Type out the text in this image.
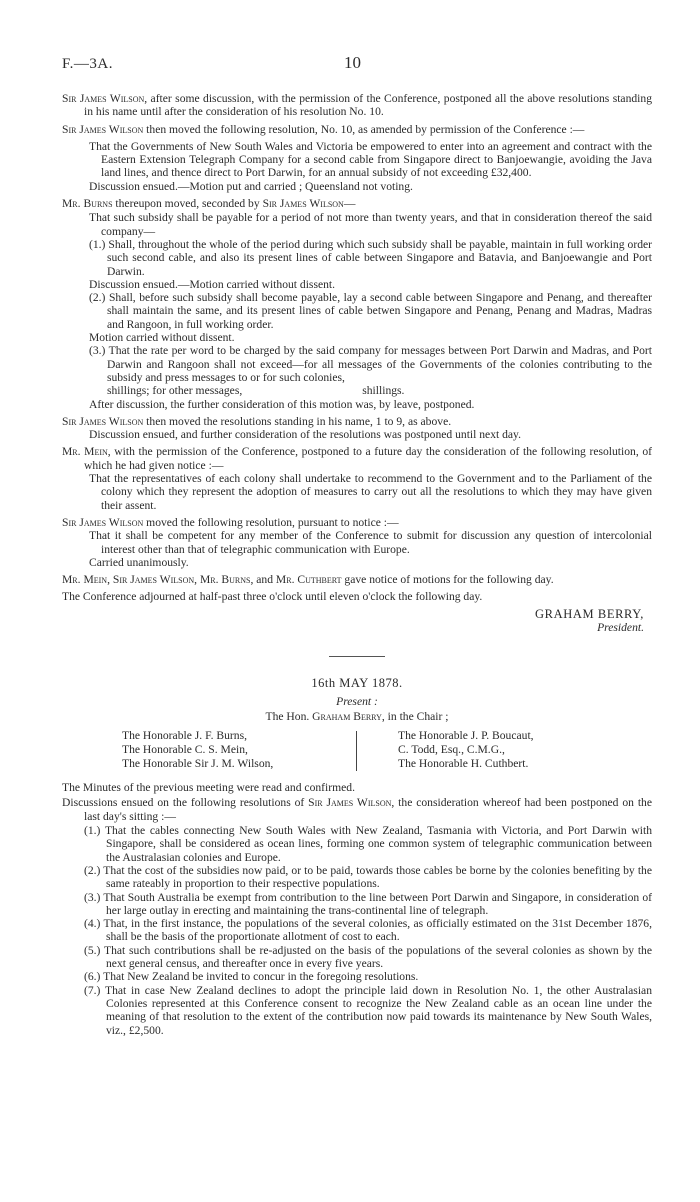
F.—3A.	10

Sir James Wilson, after some discussion, with the permission of the Conference, postponed all the above resolutions standing in his name until after the consideration of his resolution No. 10.

Sir James Wilson then moved the following resolution, No. 10, as amended by permission of the Conference :—

That the Governments of New South Wales and Victoria be empowered to enter into an agreement and contract with the Eastern Extension Telegraph Company for a second cable from Singapore direct to Banjoewangie, avoiding the Java land lines, and thence direct to Port Darwin, for an annual subsidy of not exceeding £32,400.
Discussion ensued.—Motion put and carried ; Queensland not voting.

Mr. Burns thereupon moved, seconded by Sir James Wilson—

That such subsidy shall be payable for a period of not more than twenty years, and that in consideration thereof the said company—
(1.) Shall, throughout the whole of the period during which such subsidy shall be payable, maintain in full working order such second cable, and also its present lines of cable between Singapore and Batavia, and Banjoewangie and Port Darwin.
Discussion ensued.—Motion carried without dissent.
(2.) Shall, before such subsidy shall become payable, lay a second cable between Singapore and Penang, and thereafter shall maintain the same, and its present lines of cable betwen Singapore and Penang, Penang and Madras, Madras and Rangoon, in full working order.
Motion carried without dissent.
(3.) That the rate per word to be charged by the said company for messages between Port Darwin and Madras, and Port Darwin and Rangoon shall not exceed—for all messages of the Governments of the colonies contributing to the subsidy and press messages to or for such colonies,
shillings; for other messages,	shillings.
After discussion, the further consideration of this motion was, by leave, postponed.

Sir James Wilson then moved the resolutions standing in his name, 1 to 9, as above.

Discussion ensued, and further consideration of the resolutions was postponed until next day.

Mr. Mein, with the permission of the Conference, postponed to a future day the consideration of the following resolution, of which he had given notice :—

That the representatives of each colony shall undertake to recommend to the Government and to the Parliament of the colony which they represent the adoption of measures to carry out all the resolutions to which they may have given their assent.

Sir James Wilson moved the following resolution, pursuant to notice :—

That it shall be competent for any member of the Conference to submit for discussion any question of intercolonial interest other than that of telegraphic communication with Europe.
Carried unanimously.

Mr. Mein, Sir James Wilson, Mr. Burns, and Mr. Cuthbert gave notice of motions for the following day.

The Conference adjourned at half-past three o'clock until eleven o'clock the following day.

GRAHAM BERRY,
President.
16th MAY 1878.
Present :
The Hon. Graham Berry, in the Chair ;
The Honorable J. F. Burns,
The Honorable C. S. Mein,
The Honorable Sir J. M. Wilson,
The Honorable J. P. Boucaut,
C. Todd, Esq., C.M.G.,
The Honorable H. Cuthbert.

The Minutes of the previous meeting were read and confirmed.

Discussions ensued on the following resolutions of Sir James Wilson, the consideration whereof had been postponed on the last day's sitting :—

(1.) That the cables connecting New South Wales with New Zealand, Tasmania with Victoria, and Port Darwin with Singapore, shall be considered as ocean lines, forming one common system of telegraphic communication between the Australasian colonies and Europe.
(2.) That the cost of the subsidies now paid, or to be paid, towards those cables be borne by the colonies benefiting by the same rateably in proportion to their respective populations.
(3.) That South Australia be exempt from contribution to the line between Port Darwin and Singapore, in consideration of her large outlay in erecting and maintaining the trans-continental line of telegraph.
(4.) That, in the first instance, the populations of the several colonies, as officially estimated on the 31st December 1876, shall be the basis of the proportionate allotment of cost to each.
(5.) That such contributions shall be re-adjusted on the basis of the populations of the several colonies as shown by the next general census, and thereafter once in every five years.
(6.) That New Zealand be invited to concur in the foregoing resolutions.
(7.) That in case New Zealand declines to adopt the principle laid down in Resolution No. 1, the other Australasian Colonies represented at this Conference consent to recognize the New Zealand cable as an ocean line under the meaning of that resolution to the extent of the contribution now paid towards its maintenance by New South Wales, viz., £2,500.
